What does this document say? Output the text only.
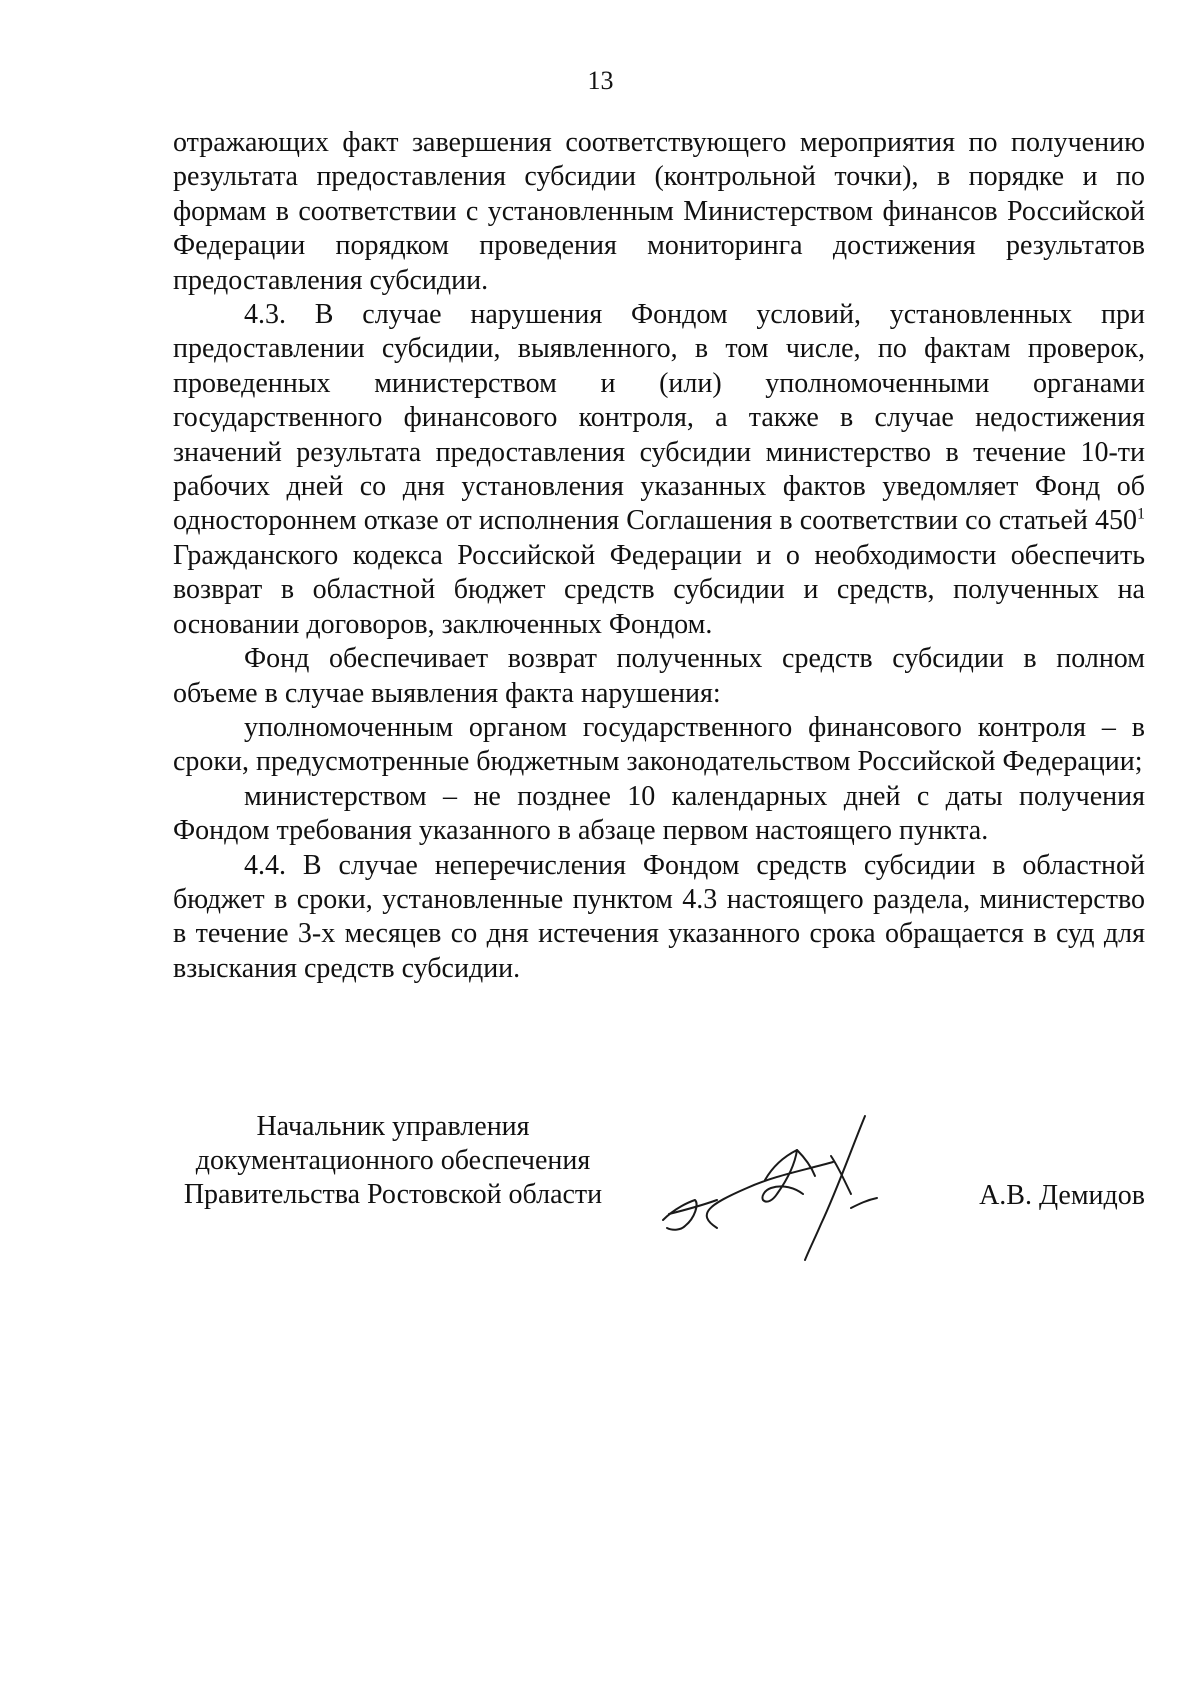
13

отражающих факт завершения соответствующего мероприятия по получению результата предоставления субсидии (контрольной точки), в порядке и по формам в соответствии с установленным Министерством финансов Российской Федерации порядком проведения мониторинга достижения результатов предоставления субсидии.

4.3. В случае нарушения Фондом условий, установленных при предоставлении субсидии, выявленного, в том числе, по фактам проверок, проведенных министерством и (или) уполномоченными органами государственного финансового контроля, а также в случае недостижения значений результата предоставления субсидии министерство в течение 10-ти рабочих дней со дня установления указанных фактов уведомляет Фонд об одностороннем отказе от исполнения Соглашения в соответствии со статьей $450^1$ Гражданского кодекса Российской Федерации и о необходимости обеспечить возврат в областной бюджет средств субсидии и средств, полученных на основании договоров, заключенных Фондом.

Фонд обеспечивает возврат полученных средств субсидии в полном объеме в случае выявления факта нарушения:

уполномоченным органом государственного финансового контроля – в сроки, предусмотренные бюджетным законодательством Российской Федерации;

министерством – не позднее 10 календарных дней с даты получения Фондом требования указанного в абзаце первом настоящего пункта.

4.4. В случае неперечисления Фондом средств субсидии в областной бюджет в сроки, установленные пунктом 4.3 настоящего раздела, министерство в течение 3-х месяцев со дня истечения указанного срока обращается в суд для взыскания средств субсидии.

Начальник управления
документационного обеспечения
Правительства Ростовской области	А.В. Демидов
